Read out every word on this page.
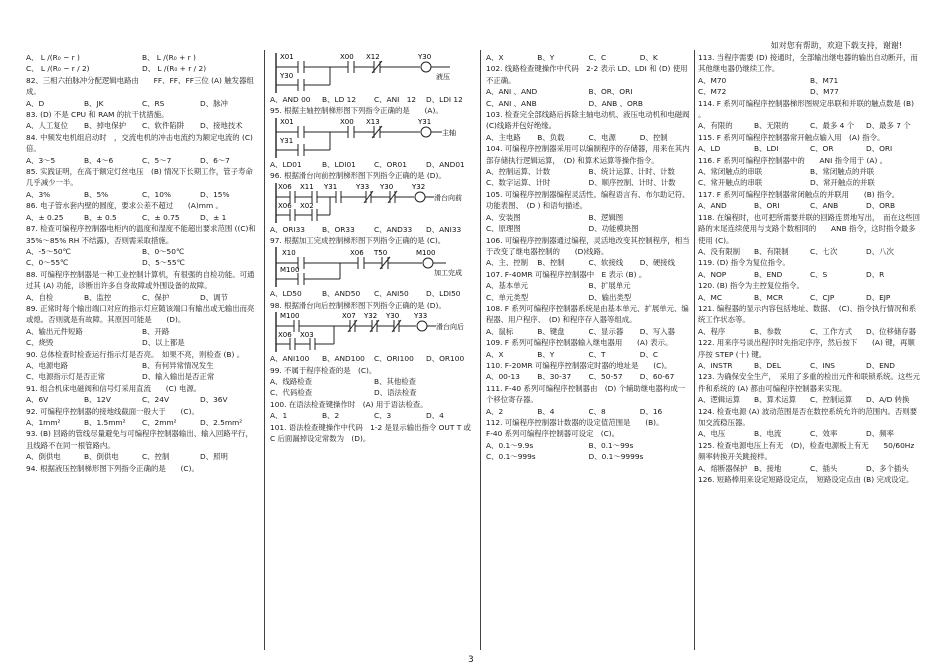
如对您有帮助，欢迎下载支持，谢谢!
A、 L /(R₀ − r )	B、 L /(R₀ + r )
C、 L /(R₀ − r / 2)	D、 L /(R₀ + r / 2)

82、三相六拍脉冲分配逻辑电路由　　FF、FF、FF三位 (A) 触发器组成。

A、D	B、JK	C、RS	D、脉冲

83. (D) 不是 CPU 和 RAM 的抗干扰措施。

A、人工复位	B、掉电保护	C、软件陷阱	D、接地技术

84. 中频发电机组启动时　，交流电机的冲击电流约为额定电流的 (C) 倍。

A、3～5	B、4～6	C、5～7	D、6～7

85. 实践证明，在高于额定灯丝电压　(B) 情况下长期工作，管子寿命几乎减少一半。

A、3%	B、5%	C、10%	D、15%

86. 电子管水套内壁的圆度，要求公差不超过　　(A)mm 。

A、± 0.25	B、± 0.5	C、± 0.75	D、± 1

87. 检查可编程序控制器电柜内的温度和湿度不能超出要求范围 ((C)和 35%～85% RH 不结露)，否则需采取措施。

A、-5～50℃	B、0～50℃
C、0～55℃	D、5～55℃

88. 可编程序控制器是一种工业控制计算机，有很强的自检功能。可通过其 (A) 功能，诊断出许多自身故障或外围设备的故障。

A、自检	B、监控	C、保护	D、调节

89. 正常时每个输出端口对应的指示灯应随该端口有输出或无输出而亮或熄。否则就是有故障。其原因可能是　　(D)。

A、输出元件短路	B、开路
C、烧毁	D、以上都是

90. 总体检查时检查运行指示灯是否亮。　如果不亮，则检查 (B) 。

A、电源电路	B、有何异常情况发生
C、电源指示灯是否正常	D、输入输出是否正常

91. 组合机床电磁阀和信号灯采用直流　　(C) 电源。

A、6V	B、12V	C、24V	D、36V

92. 可编程序控制器的接地线截面一般大于　　(C)。

A、1mm²	B、1.5mm²	C、2mm²	D、2.5mm²

93. (B) 回路的管线尽量避免与可编程序控制器输出、输入回路平行，且线路不在同一根管路内。

A、倒供电	B、倒供电	C、控制	D、照明

94. 根据液压控制梯形图下列指令正确的是　　(C)。

X01
Y30
X00 X12	Y30
液压
A、AND 00	B、LD 12	C、ANI　12	D、LDI 12

95. 根据主轴控制梯形图下列指令正确的是　　(A)。

X01
Y31
X00 X13	Y31
主轴
A、LD01	B、LDI01	C、OR01	D、AND01

96. 根据滑台向前控制梯形图下列指令正确的是 (D)。

X06 X11 Y31	Y33 Y30	Y32
X06 X02
滑台向前
A、ORI33	B、OR33	C、AND33	D、ANI33

97. 根据加工完成控制梯形图下列指令正确的是 (C)。

X10	X06 T50	M100
M100	加工完成
A、LD50	B、AND50	C、ANI50	D、LDI50

98. 根据滑台向后控制梯形图下列指令正确的是 (D)。

M100	X07 Y32 Y30 Y33
X06 X03
滑台向后
A、ANI100	B、AND100	C、ORI100	D、OR100

99. 不属于程序检查的是　(C)。

A、线路检查	B、其他检查
C、代码检查	D、语法检查

100. 在语法检查键操作时　(A) 用于语法检查。

A、1	B、2	C、3	D、4

101. 语法检查键操作中代码　1-2 是显示输出指令 OUT T 或 C 后面漏掉设定常数为　(D)。

A、X	B、Y	C、C	D、K

102. 线路检查键操作中代码　2-2 表示 LD、LDI 和 (D) 使用不正确。

A、ANI 、AND	B、OR、ORI
C、ANI 、ANB	D、ANB 、ORB

103. 检查完全部线路后拆除主轴电动机、液压电动机和电磁阀 (C)线路并包好绝缘。

A、主电路	B、负载	C、电源	D、控制

104. 可编程序控制器采用可以编制程序的存储器，用来在其内部存储执行逻辑运算，　(D) 和算术运算等操作指令。

A、控制运算、计数	B、统计运算、计时、计数
C、数字运算、计时	D、顺序控制、计时、计数

105. 可编程序控制器编程灵活性。编程语言有、布尔助记符、功能表图、　(D ) 和语句描述。

A、安装图	B、逻辑图
C、原理图	D、功能模块图

106. 可编程序控制器通过编程，灵活地改变其控制程序，相当于改变了继电器控制的　　(D)线路。

A、主、控制	B、控制	C、软接线	D、硬接线

107. F-40MR 可编程序控制器中　E 表示 (B) 。

A、基本单元	B、扩展单元
C、单元类型	D、输出类型

108. F 系列可编程序控制器系统是由基本单元、扩展单元、编程器、用户程序、　(D) 和程序存入器等组成。

A、鼠标	B、键盘	C、显示器	D、写入器

109. F 系列可编程序控制器输入继电器用　　(A) 表示。

A、X	B、Y	C、T	D、C

110. F-20MR 可编程序控制器定时器的地址是　　(C)。

A、00-13	B、30-37	C、50-57	D、60-67

111. F-40 系列可编程序控制器由　(D) 个辅助继电器构成一个移位寄存器。

A、2	B、4	C、8	D、16

112. 可编程序控制器计数器的设定值范围是　　(B)。

F-40 系列可编程序控制器可设定　(C)。

A、0.1～9.9s	B、0.1～99s
C、0.1～999s	D、0.1～9999s

113. 当程序需要 (D) 接通时，全部输出继电器的输出自动断开，而其他继电器仍继续工作。

A、M70	B、M71
C、M72	D、M77

114. F 系列可编程序控制器梯形图规定串联和并联的触点数是 (B) 。

A、有限的	B、无限的	C、最多 4 个	D、最多 7 个

115. F 系列可编程序控制器常开触点输入用　(A) 指令。

A、LD	B、LDI	C、OR	D、ORI

116. F 系列可编程序控制器中的　　ANI 指令用于 (A) 。

A、常闭触点的串联	B、常闭触点的并联
C、常开触点的串联	D、常开触点的并联

117. F 系列可编程序控制器常闭触点的并联用　　(B) 指令。

A、AND	B、ORI	C、ANB	D、ORB

118. 在编程时，也可把所需要并联的回路连贯地写出，　而在这些回路的末尾连续使用与支路个数相同的　　ANB 指令，这时指令最多使用 (C)。

A、没有限制	B、有限制	C、七次	D、八次

119. (D) 指令为复位指令。

A、NOP	B、END	C、S	D、R

120. (B) 指令为主控复位指令。

A、MC	B、MCR	C、CJP	D、EJP

121. 编程器的显示内容包括地址、数据、　(C)、指令执行情况和系统工作状态等。

A、程序	B、参数	C、工作方式	D、位移储存器

122. 用来序号谈出程序时先指定序序，然后按下　　(A) 键，再顺序按 STEP (十) 键。

A、INSTR	B、DEL	C、INS	D、END

123. 为确保安全生产，　采用了多重的检出元件和联锁系统。这些元件和系统的 (A) 都由可编程序控制器来实现。

A、逻辑运算	B、算术运算	C、控制运算	D、A/D 转换

124. 检查电源 (A) 波动范围是否在数控系统允许的范围内。否则要加交流稳压器。

A、电压	B、电流	C、效率	D、频率

125. 检查电源电压上有无　(D)，检查电源板上有无　　50/60Hz 频率转换开关跳接样。

A、熔断器保护 B、接地	C、插头	D、多个插头

126. 短路棒用来设定短路设定点，　短路设定点由 (B) 完成设定。

3
